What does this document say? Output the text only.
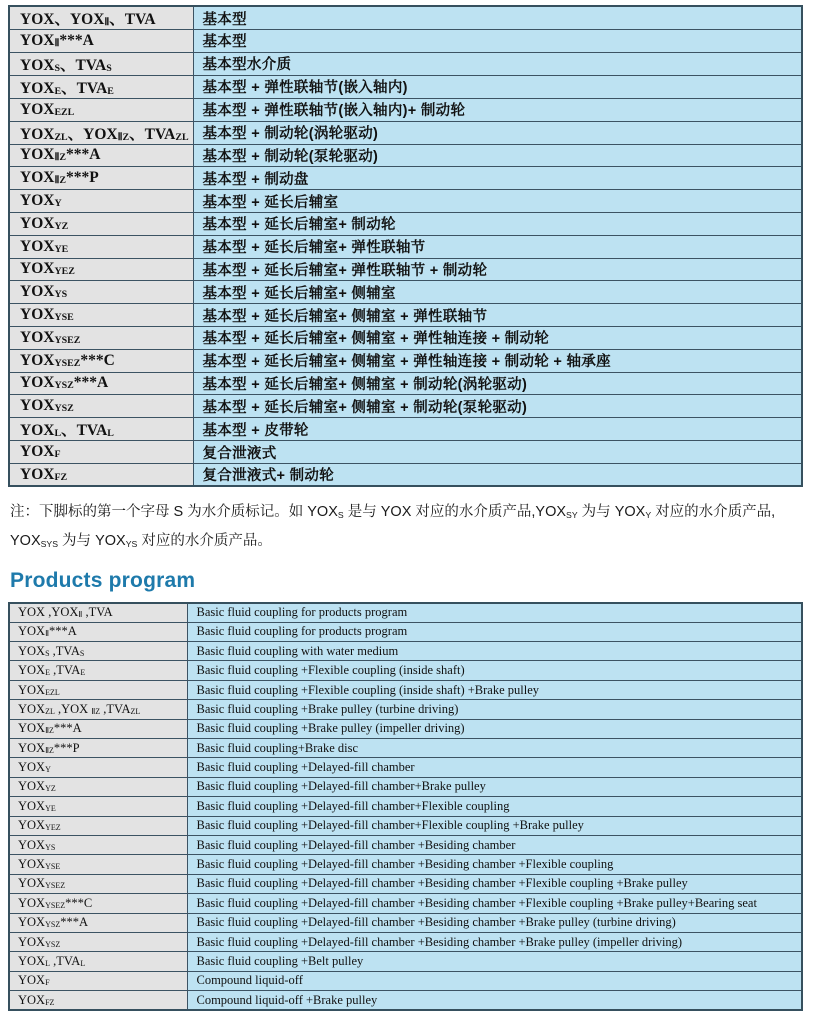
YOX、$YOX_Ⅱ$、TVA	基本型
$YOX_Ⅱ***A$	基本型
$YOX_S$、$TVA_S$	基本型水介质
$YOX_E$、$TVA_E$	基本型 + 弹性联轴节(嵌入轴内)
$YOX_{EZL}$	基本型 + 弹性联轴节(嵌入轴内)+ 制动轮
$YOX_{ZL}$、$YOX_{ⅡZ}$、$TVA_{ZL}$	基本型 + 制动轮(涡轮驱动)
$YOX_{ⅡZ}***A$	基本型 + 制动轮(泵轮驱动)
$YOX_{ⅡZ}***P$	基本型 + 制动盘
$YOX_Y$	基本型 + 延长后辅室
$YOX_{YZ}$	基本型 + 延长后辅室+ 制动轮
$YOX_{YE}$	基本型 + 延长后辅室+ 弹性联轴节
$YOX_{YEZ}$	基本型 + 延长后辅室+ 弹性联轴节 + 制动轮
$YOX_{YS}$	基本型 + 延长后辅室+ 侧辅室
$YOX_{YSE}$	基本型 + 延长后辅室+ 侧辅室 + 弹性联轴节
$YOX_{YSEZ}$	基本型 + 延长后辅室+ 侧辅室 + 弹性轴连接 + 制动轮
$YOX_{YSEZ}***C$	基本型 + 延长后辅室+ 侧辅室 + 弹性轴连接 + 制动轮 + 轴承座
$YOX_{YSZ}***A$	基本型 + 延长后辅室+ 侧辅室 + 制动轮(涡轮驱动)
$YOX_{YSZ}$	基本型 + 延长后辅室+ 侧辅室 + 制动轮(泵轮驱动)
$YOX_L$、$TVA_L$	基本型 + 皮带轮
$YOX_F$	复合泄液式
$YOX_{FZ}$	复合泄液式+ 制动轮

注：下脚标的第一个字母 S 为水介质标记。如 $YOX_S$ 是与 YOX 对应的水介质产品$,YOX_{SY}$ 为与 $YOX_Y$ 对应的水介质产品,
$YOX_{SYS}$ 为与 $YOX_{YS}$ 对应的水介质产品。

Products program
YOX $,YOX_Ⅱ$ ,TVA	Basic fluid coupling for products program
$YOX_Ⅱ***A$	Basic fluid coupling for products program
$YOX_S$ $,TVA_S$	Basic fluid coupling with water medium
$YOX_E$ $,TVA_E$	Basic fluid coupling +Flexible coupling (inside shaft)
$YOX_{EZL}$	Basic fluid coupling +Flexible coupling (inside shaft) +Brake pulley
$YOX_{ZL}$ ,YOX $_{ⅡZ}$ $,TVA_{ZL}$	Basic fluid coupling +Brake pulley (turbine driving)
$YOX_{ⅡZ}***A$	Basic fluid coupling +Brake pulley (impeller driving)
$YOX_{ⅡZ}***P$	Basic fluid coupling+Brake disc
$YOX_Y$	Basic fluid coupling +Delayed-fill chamber
$YOX_{YZ}$	Basic fluid coupling +Delayed-fill chamber+Brake pulley
$YOX_{YE}$	Basic fluid coupling +Delayed-fill chamber+Flexible coupling
$YOX_{YEZ}$	Basic fluid coupling +Delayed-fill chamber+Flexible coupling +Brake pulley
$YOX_{YS}$	Basic fluid coupling +Delayed-fill chamber +Besiding chamber
$YOX_{YSE}$	Basic fluid coupling +Delayed-fill chamber +Besiding chamber +Flexible coupling
$YOX_{YSEZ}$	Basic fluid coupling +Delayed-fill chamber +Besiding chamber +Flexible coupling +Brake pulley
$YOX_{YSEZ}***C$	Basic fluid coupling +Delayed-fill chamber +Besiding chamber +Flexible coupling +Brake pulley+Bearing seat
$YOX_{YSZ}***A$	Basic fluid coupling +Delayed-fill chamber +Besiding chamber +Brake pulley (turbine driving)
$YOX_{YSZ}$	Basic fluid coupling +Delayed-fill chamber +Besiding chamber +Brake pulley (impeller driving)
$YOX_L$ $,TVA_L$	Basic fluid coupling +Belt pulley
$YOX_F$	Compound liquid-off
$YOX_{FZ}$	Compound liquid-off +Brake pulley
